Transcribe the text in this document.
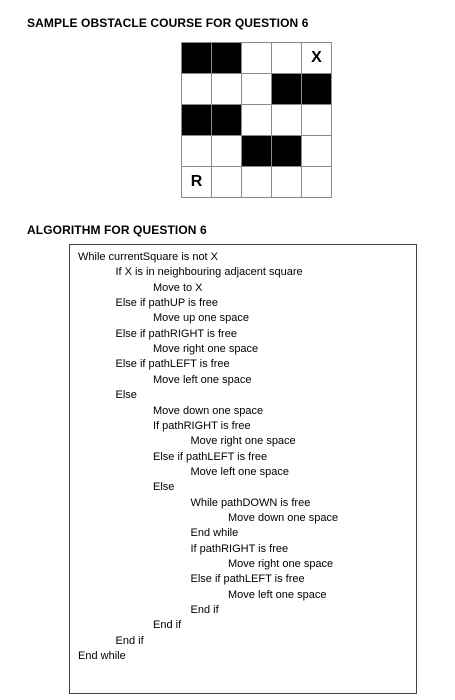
SAMPLE OBSTACLE COURSE FOR QUESTION 6
X
R
ALGORITHM FOR QUESTION 6
While currentSquare is not X
If X is in neighbouring adjacent square
Move to X
Else if pathUP is free
Move up one space
Else if pathRIGHT is free
Move right one space
Else if pathLEFT is free
Move left one space
Else
Move down one space
If pathRIGHT is free
Move right one space
Else if pathLEFT is free
Move left one space
Else
While pathDOWN is free
Move down one space
End while
If pathRIGHT is free
Move right one space
Else if pathLEFT is free
Move left one space
End if
End if
End if
End while
